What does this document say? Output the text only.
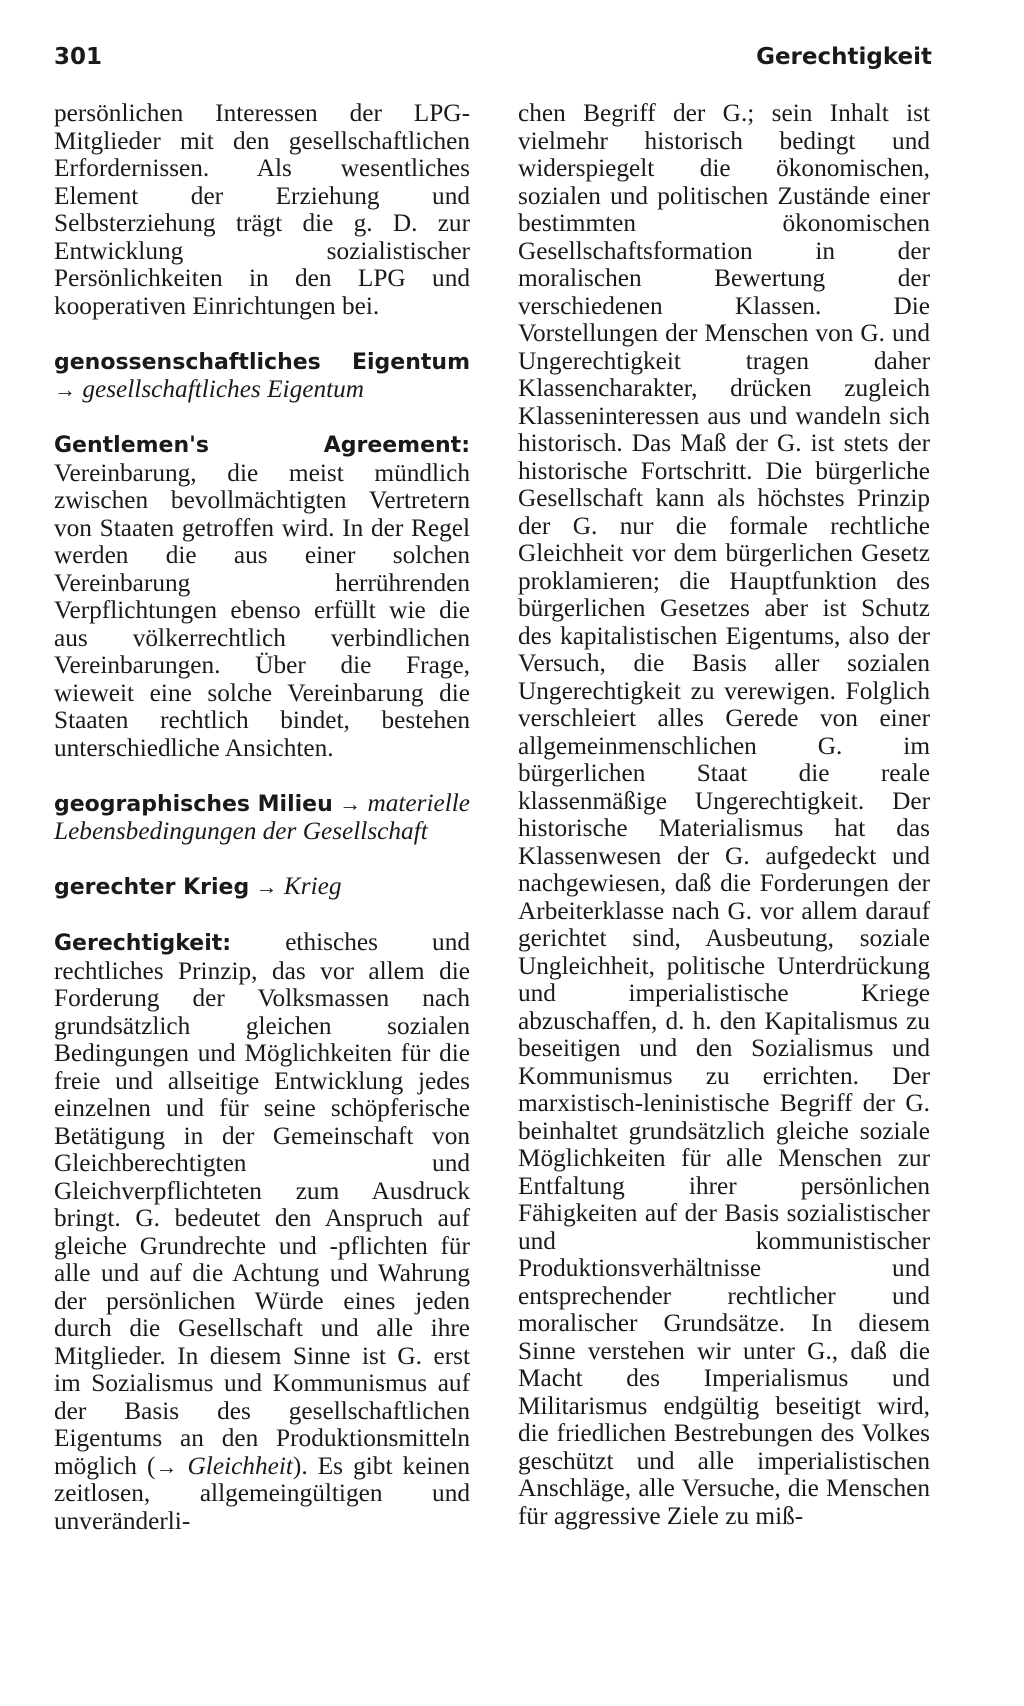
301	Gerechtigkeit

persönlichen Interessen der LPG-Mitglieder mit den gesellschaftlichen Erfordernissen. Als wesentliches Element der Erziehung und Selbsterziehung trägt die g. D. zur Entwicklung sozialistischer Persönlichkeiten in den LPG und kooperativen Einrichtungen bei.

genossenschaftliches Eigentum → gesellschaftliches Eigentum

Gentlemen's Agreement: Vereinbarung, die meist mündlich zwischen bevollmächtigten Vertretern von Staaten getroffen wird. In der Regel werden die aus einer solchen Vereinbarung herrührenden Verpflichtungen ebenso erfüllt wie die aus völkerrechtlich verbindlichen Vereinbarungen. Über die Frage, wieweit eine solche Vereinbarung die Staaten rechtlich bindet, bestehen unterschiedliche Ansichten.

geographisches Milieu → materielle Lebensbedingungen der Gesellschaft

gerechter Krieg → Krieg

Gerechtigkeit: ethisches und rechtliches Prinzip, das vor allem die Forderung der Volksmassen nach grundsätzlich gleichen sozialen Bedingungen und Möglichkeiten für die freie und allseitige Entwicklung jedes einzelnen und für seine schöpferische Betätigung in der Gemeinschaft von Gleichberechtigten und Gleichverpflichteten zum Ausdruck bringt. G. bedeutet den Anspruch auf gleiche Grundrechte und -pflichten für alle und auf die Achtung und Wahrung der persönlichen Würde eines jeden durch die Gesellschaft und alle ihre Mitglieder. In diesem Sinne ist G. erst im Sozialismus und Kommunismus auf der Basis des gesellschaftlichen Eigentums an den Produktionsmitteln möglich (→ Gleichheit). Es gibt keinen zeitlosen, allgemeingültigen und unveränderli-

chen Begriff der G.; sein Inhalt ist vielmehr historisch bedingt und widerspiegelt die ökonomischen, sozialen und politischen Zustände einer bestimmten ökonomischen Gesellschaftsformation in der moralischen Bewertung der verschiedenen Klassen. Die Vorstellungen der Menschen von G. und Ungerechtigkeit tragen daher Klassencharakter, drücken zugleich Klasseninteressen aus und wandeln sich historisch. Das Maß der G. ist stets der historische Fortschritt. Die bürgerliche Gesellschaft kann als höchstes Prinzip der G. nur die formale rechtliche Gleichheit vor dem bürgerlichen Gesetz proklamieren; die Hauptfunktion des bürgerlichen Gesetzes aber ist Schutz des kapitalistischen Eigentums, also der Versuch, die Basis aller sozialen Ungerechtigkeit zu verewigen. Folglich verschleiert alles Gerede von einer allgemeinmenschlichen G. im bürgerlichen Staat die reale klassenmäßige Ungerechtigkeit. Der historische Materialismus hat das Klassenwesen der G. aufgedeckt und nachgewiesen, daß die Forderungen der Arbeiterklasse nach G. vor allem darauf gerichtet sind, Ausbeutung, soziale Ungleichheit, politische Unterdrückung und imperialistische Kriege abzuschaffen, d. h. den Kapitalismus zu beseitigen und den Sozialismus und Kommunismus zu errichten. Der marxistisch-leninistische Begriff der G. beinhaltet grundsätzlich gleiche soziale Möglichkeiten für alle Menschen zur Entfaltung ihrer persönlichen Fähigkeiten auf der Basis sozialistischer und kommunistischer Produktionsverhältnisse und entsprechender rechtlicher und moralischer Grundsätze. In diesem Sinne verstehen wir unter G., daß die Macht des Imperialismus und Militarismus endgültig beseitigt wird, die friedlichen Bestrebungen des Volkes geschützt und alle imperialistischen Anschläge, alle Versuche, die Menschen für aggressive Ziele zu miß-
